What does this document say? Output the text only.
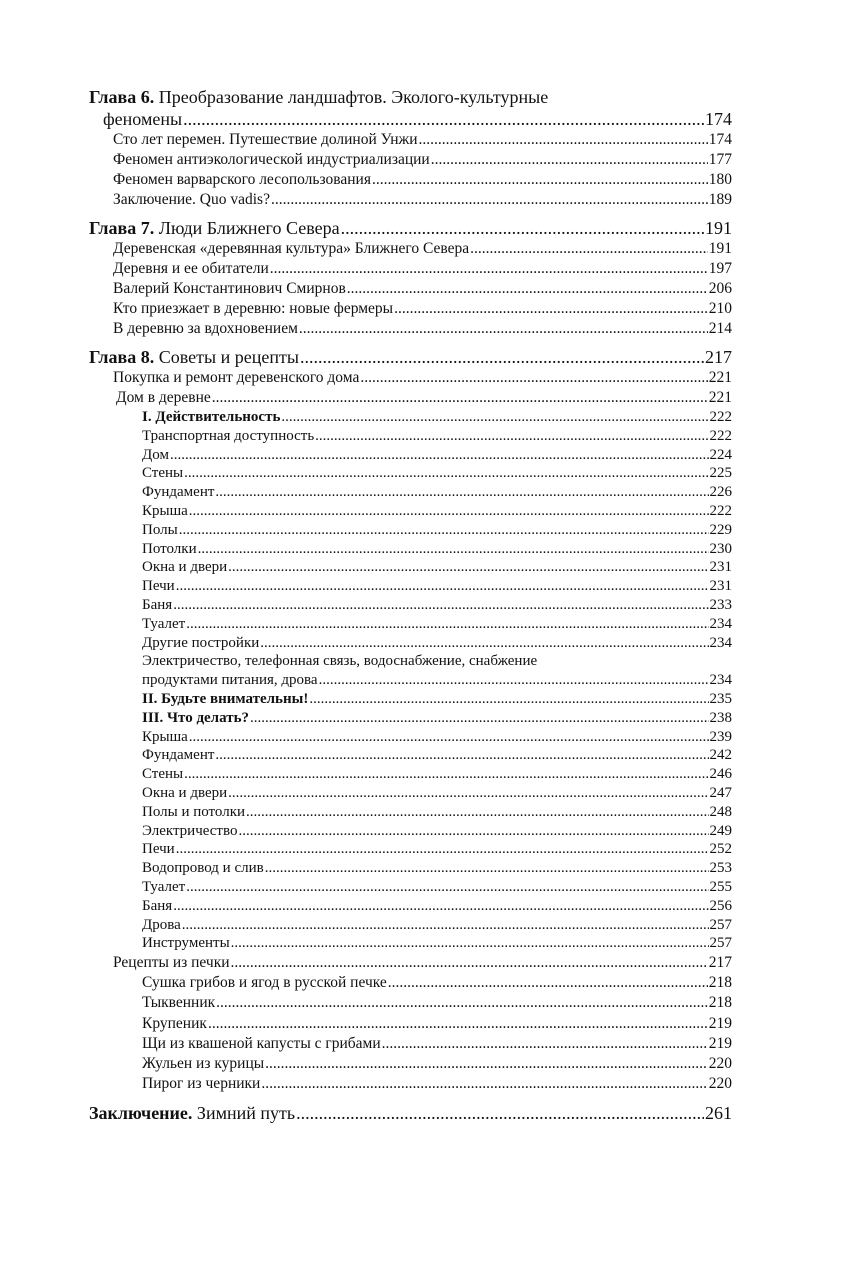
Глава 6. Преобразование ландшафтов. Эколого-культурные
феномены .....	174
Сто лет перемен. Путешествие долиной Унжи .....	174
Феномен антиэкологической индустриализации .....	177
Феномен варварского лесопользования .....	180
Заключение. Quo vadis? .....	189
Глава 7. Люди Ближнего Севера .....	191
Деревенская «деревянная культура» Ближнего Севера .....	191
Деревня и ее обитатели .....	197
Валерий Константинович Смирнов .....	206
Кто приезжает в деревню: новые фермеры .....	210
В деревню за вдохновением .....	214
Глава 8. Советы и рецепты .....	217
Покупка и ремонт деревенского дома .....	221
Дом в деревне .....	221
I. Действительность .....	222
Транспортная доступность .....	222
Дом .....	224
Стены .....	225
Фундамент .....	226
Крыша .....	222
Полы .....	229
Потолки .....	230
Окна и двери .....	231
Печи .....	231
Баня .....	233
Туалет .....	234
Другие постройки .....	234
Электричество, телефонная связь, водоснабжение, снабжение
продуктами питания, дрова .....	234
II. Будьте внимательны! .....	235
III. Что делать? .....	238
Крыша .....	239
Фундамент .....	242
Стены .....	246
Окна и двери .....	247
Полы и потолки .....	248
Электричество .....	249
Печи .....	252
Водопровод и слив .....	253
Туалет .....	255
Баня .....	256
Дрова .....	257
Инструменты .....	257
Рецепты из печки .....	217
Сушка грибов и ягод в русской печке .....	218
Тыквенник .....	218
Крупеник .....	219
Щи из квашеной капусты с грибами .....	219
Жульен из курицы .....	220
Пирог из черники .....	220
Заключение. Зимний путь .....	261
